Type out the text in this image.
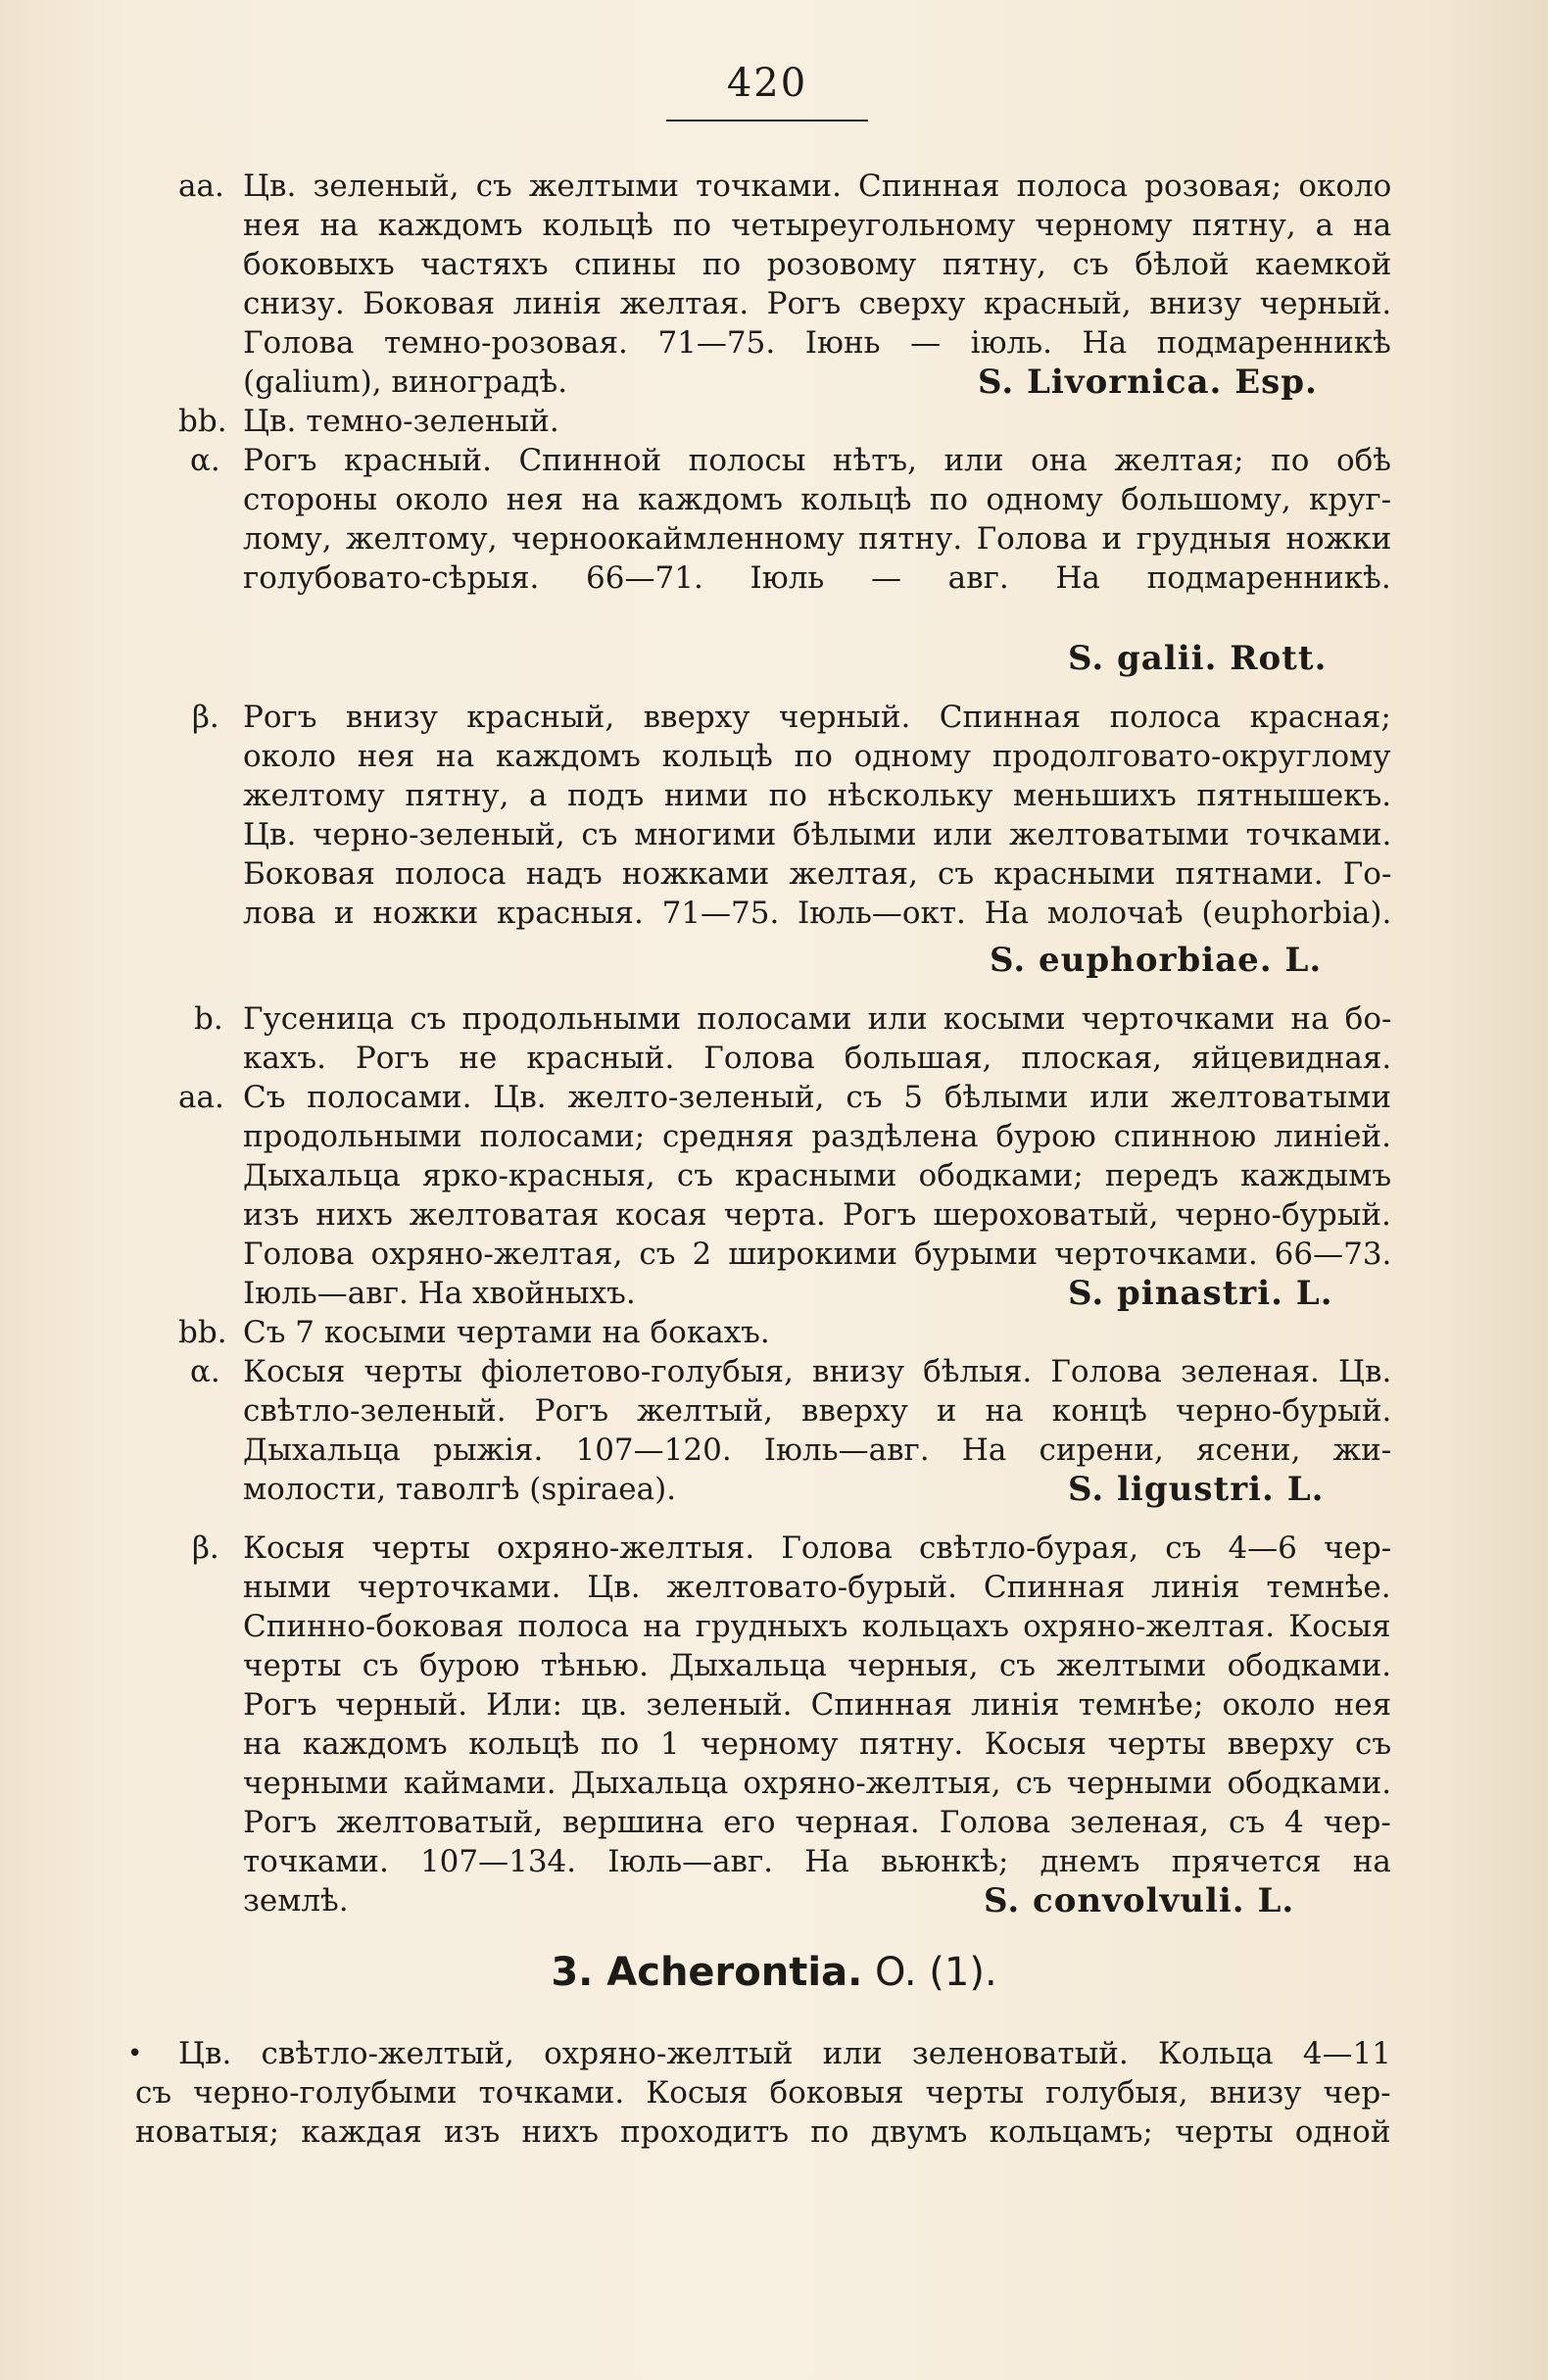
420
aa. Цв. зеленый, съ желтыми точками. Спинная полоса розовая; около
нея на каждомъ кольцѣ по четыреугольному черному пятну, а на
боковыхъ частяхъ спины по розовому пятну, съ бѣлой каемкой
снизу. Боковая линія желтая. Рогъ сверху красный, внизу черный.
Голова темно-розовая. 71—75. Іюнь — іюль. На подмаренникѣ
(galium), виноградѣ.	S. Livornica. Esp.
bb. Цв. темно-зеленый.
α. Рогъ красный. Спинной полосы нѣтъ, или она желтая; по обѣ
стороны около нея на каждомъ кольцѣ по одному большому, круг-
лому, желтому, черноокаймленному пятну. Голова и грудныя ножки
голубовато-сѣрыя. 66—71. Іюль — авг. На подмаренникѣ.
S. galii. Rott.
β. Рогъ внизу красный, вверху черный. Спинная полоса красная;
около нея на каждомъ кольцѣ по одному продолговато-округлому
желтому пятну, а подъ ними по нѣскольку меньшихъ пятнышекъ.
Цв. черно-зеленый, съ многими бѣлыми или желтоватыми точками.
Боковая полоса надъ ножками желтая, съ красными пятнами. Го-
лова и ножки красныя. 71—75. Іюль—окт. На молочаѣ (euphorbia).
S. euphorbiae. L.
b. Гусеница съ продольными полосами или косыми черточками на бо-
кахъ. Рогъ не красный. Голова большая, плоская, яйцевидная.
aa. Съ полосами. Цв. желто-зеленый, съ 5 бѣлыми или желтоватыми
продольными полосами; средняя раздѣлена бурою спинною линіей.
Дыхальца ярко-красныя, съ красными ободками; передъ каждымъ
изъ нихъ желтоватая косая черта. Рогъ шероховатый, черно-бурый.
Голова охряно-желтая, съ 2 широкими бурыми черточками. 66—73.
Іюль—авг. На хвойныхъ.	S. pinastri. L.
bb. Съ 7 косыми чертами на бокахъ.
α. Косыя черты фіолетово-голубыя, внизу бѣлыя. Голова зеленая. Цв.
свѣтло-зеленый. Рогъ желтый, вверху и на концѣ черно-бурый.
Дыхальца рыжія. 107—120. Іюль—авг. На сирени, ясени, жи-
молости, таволгѣ (spiraea).	S. ligustri. L.
β. Косыя черты охряно-желтыя. Голова свѣтло-бурая, съ 4—6 чер-
ными черточками. Цв. желтовато-бурый. Спинная линія темнѣе.
Спинно-боковая полоса на грудныхъ кольцахъ охряно-желтая. Косыя
черты съ бурою тѣнью. Дыхальца черныя, съ желтыми ободками.
Рогъ черный. Или: цв. зеленый. Спинная линія темнѣе; около нея
на каждомъ кольцѣ по 1 черному пятну. Косыя черты вверху съ
черными каймами. Дыхальца охряно-желтыя, съ черными ободками.
Рогъ желтоватый, вершина его черная. Голова зеленая, съ 4 чер-
точками. 107—134. Іюль—авг. На вьюнкѣ; днемъ прячется на
землѣ.	S. convolvuli. L.
3. Acherontia. O. (1).
• Цв. свѣтло-желтый, охряно-желтый или зеленоватый. Кольца 4—11
съ черно-голубыми точками. Косыя боковыя черты голубыя, внизу чер-
новатыя; каждая изъ нихъ проходитъ по двумъ кольцамъ; черты одной
